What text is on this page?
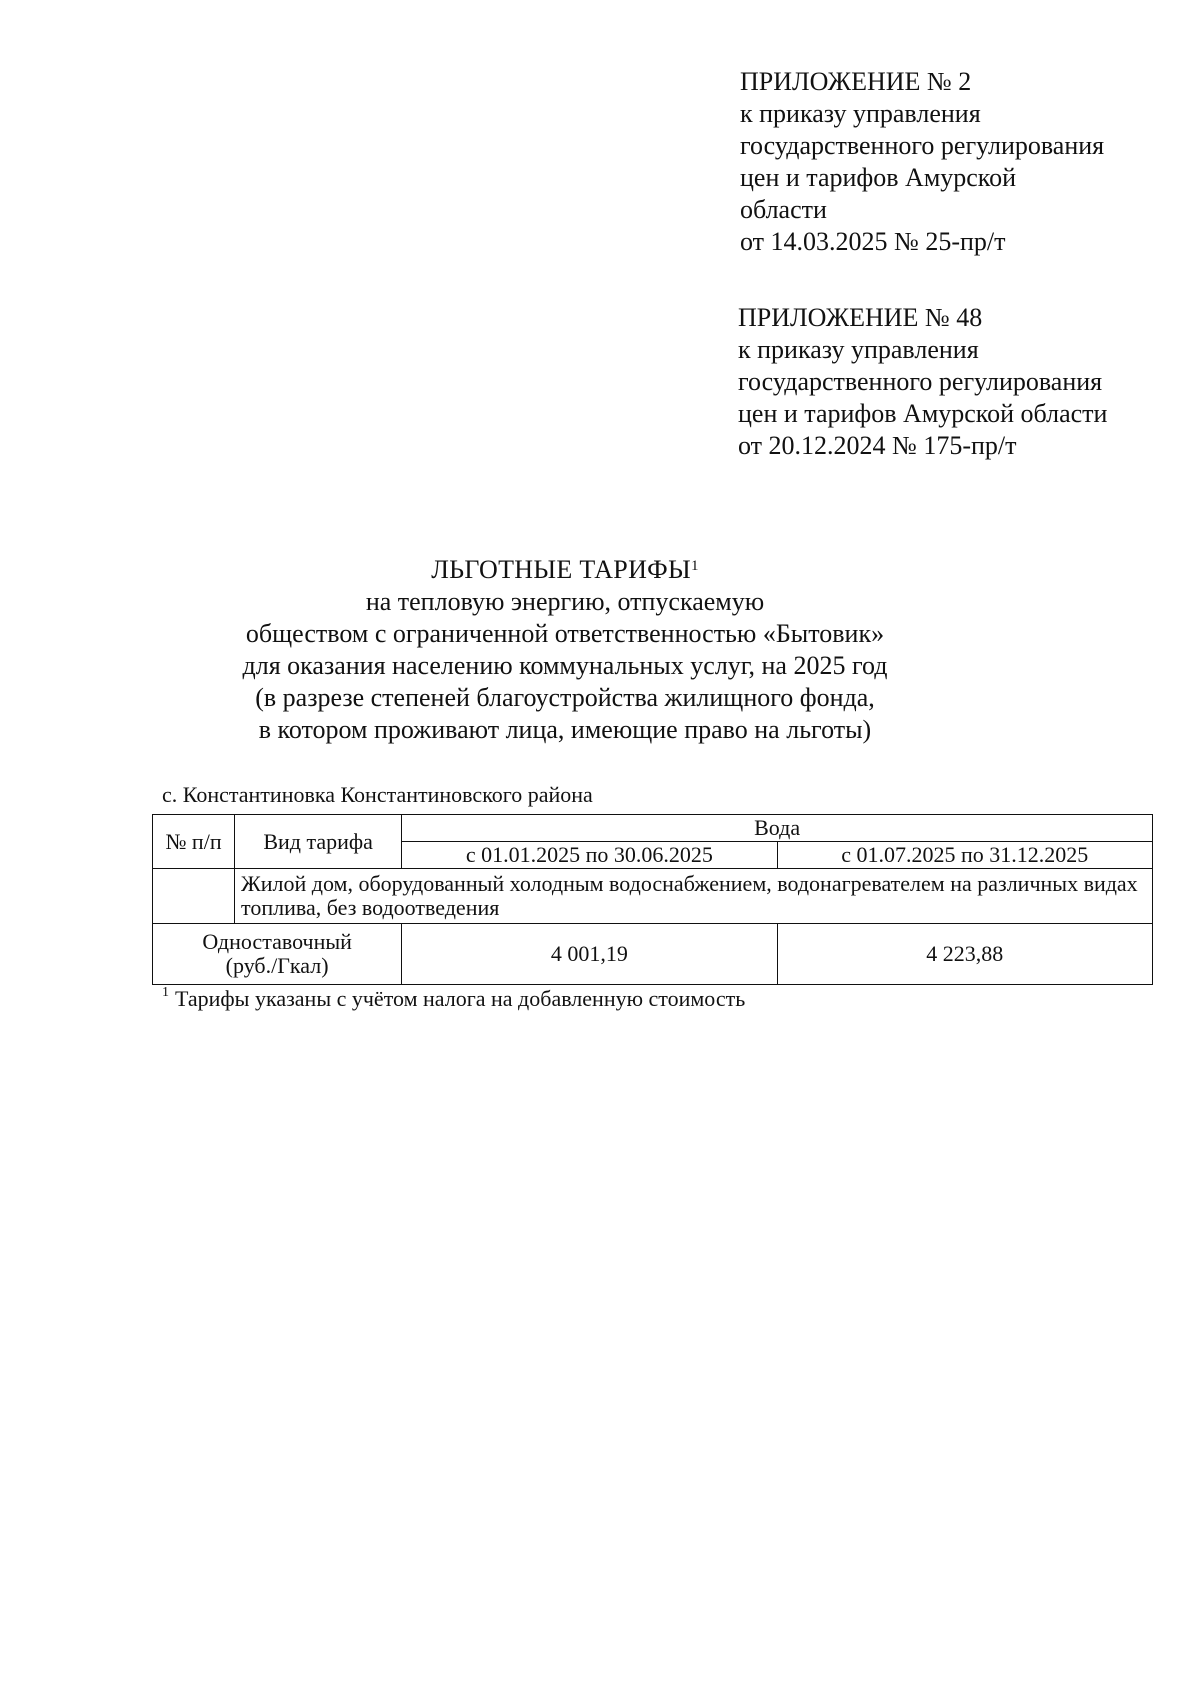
ПРИЛОЖЕНИЕ № 2
к приказу управления
государственного регулирования
цен и тарифов Амурской
области
от 14.03.2025 № 25-пр/т
ПРИЛОЖЕНИЕ № 48
к приказу управления
государственного регулирования
цен и тарифов Амурской области
от 20.12.2024 № 175-пр/т
ЛЬГОТНЫЕ ТАРИФЫ$^1$
на тепловую энергию, отпускаемую
обществом с ограниченной ответственностью «Бытовик»
для оказания населению коммунальных услуг, на 2025 год
(в разрезе степеней благоустройства жилищного фонда,
в котором проживают лица, имеющие право на льготы)
с. Константиновка Константиновского района
№ п/п	Вид тарифа	Вода	
		с 01.01.2025 по 30.06.2025	с 01.07.2025 по 31.12.2025
	Жилой дом, оборудованный холодным водоснабжением, водонагревателем на различных видах топлива, без водоотведения		
Одноставочный
(руб./Гкал)		4 001,19	4 223,88
$^1$ Тарифы указаны с учётом налога на добавленную стоимость
